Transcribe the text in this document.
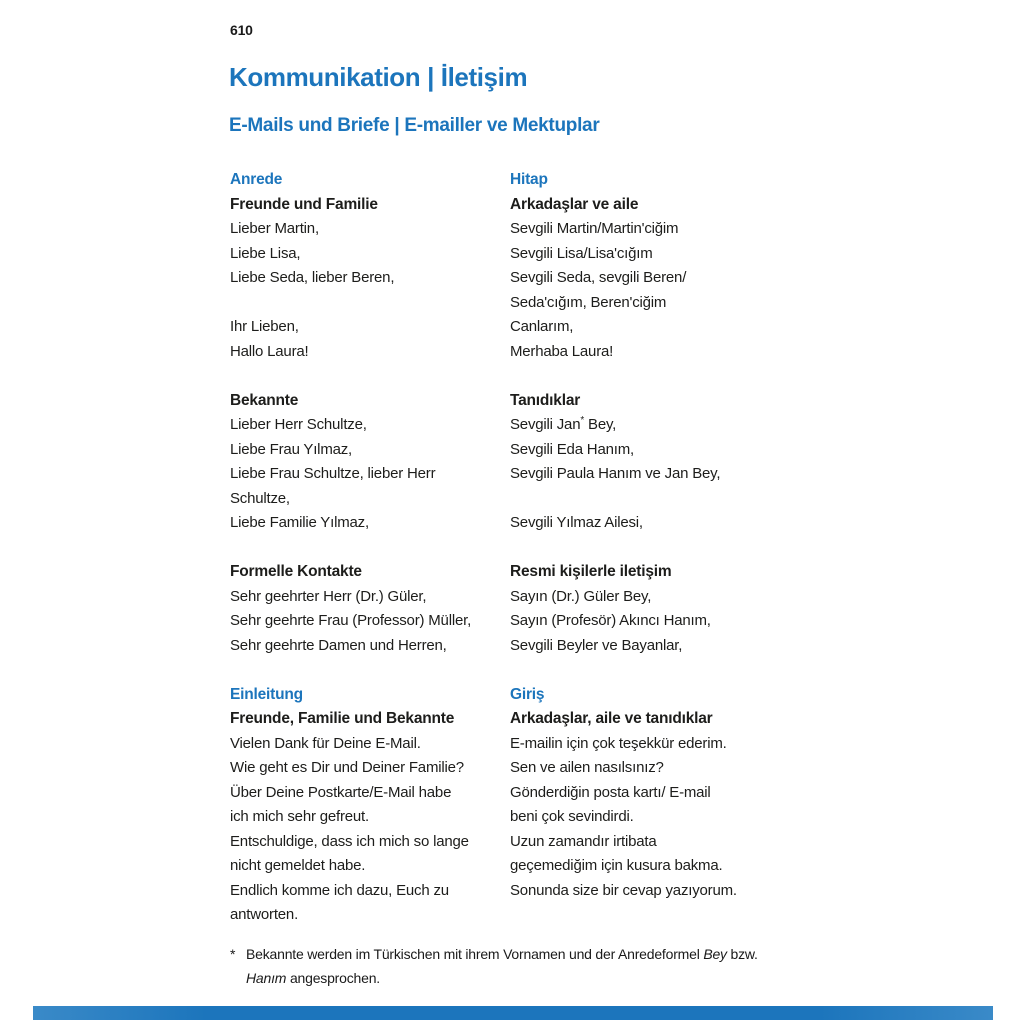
610
Kommunikation | İletişim
E-Mails und Briefe | E-mailler ve Mektuplar
Anrede
Freunde und Familie
Lieber Martin,
Liebe Lisa,
Liebe Seda, lieber Beren,

Ihr Lieben,
Hallo Laura!

Bekannte
Lieber Herr Schultze,
Liebe Frau Yılmaz,
Liebe Frau Schultze, lieber Herr
Schultze,
Liebe Familie Yılmaz,

Formelle Kontakte
Sehr geehrter Herr (Dr.) Güler,
Sehr geehrte Frau (Professor) Müller,
Sehr geehrte Damen und Herren,

Einleitung
Freunde, Familie und Bekannte
Vielen Dank für Deine E-Mail.
Wie geht es Dir und Deiner Familie?
Über Deine Postkarte/E-Mail habe
ich mich sehr gefreut.
Entschuldige, dass ich mich so lange
nicht gemeldet habe.
Endlich komme ich dazu, Euch zu
antworten.
Hitap
Arkadaşlar ve aile
Sevgili Martin/Martin'ciğim
Sevgili Lisa/Lisa'cığım
Sevgili Seda, sevgili Beren/
Seda'cığım, Beren'ciğim
Canlarım,
Merhaba Laura!

Tanıdıklar
Sevgili Jan* Bey,
Sevgili Eda Hanım,
Sevgili Paula Hanım ve Jan Bey,

Sevgili Yılmaz Ailesi,

Resmi kişilerle iletişim
Sayın (Dr.) Güler Bey,
Sayın (Profesör) Akıncı Hanım,
Sevgili Beyler ve Bayanlar,

Giriş
Arkadaşlar, aile ve tanıdıklar
E-mailin için çok teşekkür ederim.
Sen ve ailen nasılsınız?
Gönderdiğin posta kartı/ E-mail
beni çok sevindirdi.
Uzun zamandır irtibata
geçemediğim için kusura bakma.
Sonunda size bir cevap yazıyorum.
* Bekannte werden im Türkischen mit ihrem Vornamen und der Anredeformel Bey bzw.
Hanım angesprochen.
